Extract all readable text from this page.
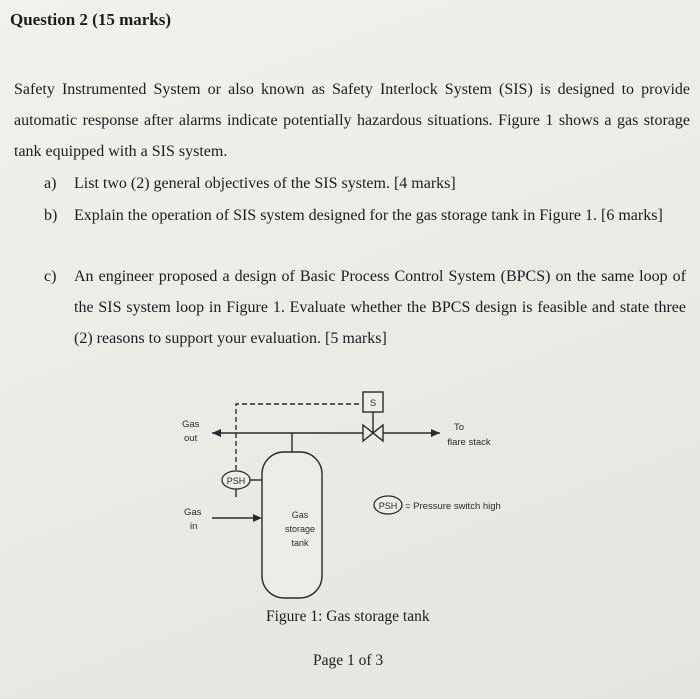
Question 2 (15 marks)

Safety Instrumented System or also known as Safety Interlock System (SIS) is designed to provide automatic response after alarms indicate potentially hazardous situations. Figure 1 shows a gas storage tank equipped with a SIS system.

a) List two (2) general objectives of the SIS system. [4 marks]
b) Explain the operation of SIS system designed for the gas storage tank in Figure 1. [6 marks]
c) An engineer proposed a design of Basic Process Control System (BPCS) on the same loop of the SIS system loop in Figure 1. Evaluate whether the BPCS design is feasible and state three (2) reasons to support your evaluation. [5 marks]
S
PSH
PSH = Pressure switch high
Gas
out
Gas
in
To
flare stack
Gas
storage
tank

Figure 1: Gas storage tank

Page 1 of 3
